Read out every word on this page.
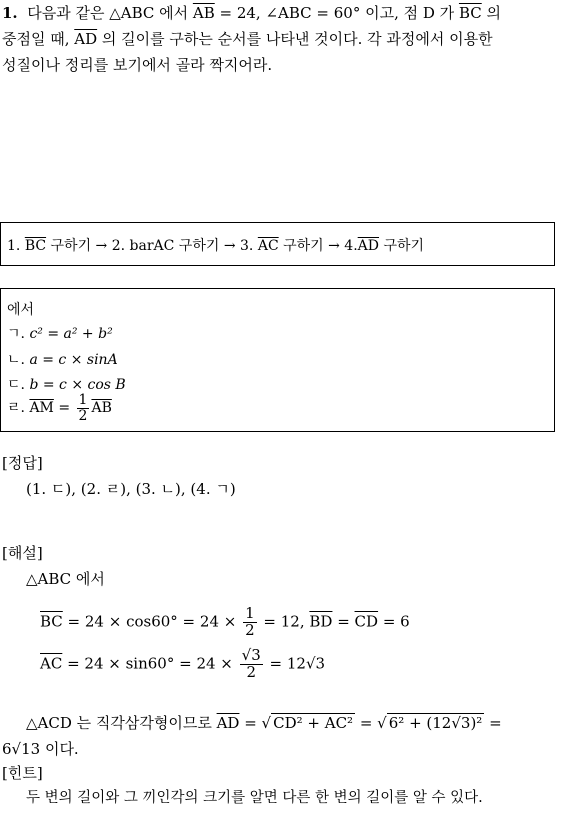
1. 다음과 같은 △ABC 에서 $\overline{AB} = 24$, ∠ABC = 60° 이고, 점 D 가 $\overline{BC}$ 의
중점일 때, $\overline{AD}$ 의 길이를 구하는 순서를 나타낸 것이다. 각 과정에서 이용한
성질이나 정리를 보기에서 골라 짝지어라.
1. $\overline{BC}$ 구하기 → 2. barAC 구하기 → 3. $\overline{AC}$ 구하기 → $4.\overline{AD}$ 구하기
에서
ㄱ. c² = a² + b²
ㄴ. a = c × sinA
ㄷ. b = c × cos B
ㄹ. $\overline{AM} = \frac{1}{2} \overline{AB}$
[정답]
(1. ㄷ), (2. ㄹ), (3. ㄴ), (4. ㄱ)
[해설]
△ABC 에서
$\overline{BC} = 24 \times \cos 60^\circ = 24 \times \frac{1}{2} = 12$, $\overline{BD} = \overline{CD} = 6$
$\overline{AC} = 24 \times \sin 60^\circ = 24 \times \frac{√3}{2} = 12√3$
△ACD 는 직각삼각형이므로 $\overline{AD}$ = √ CD² + AC² = √ 6² + (12√3)² =
6√13 이다.
[힌트]
두 변의 길이와 그 끼인각의 크기를 알면 다른 한 변의 길이를 알 수 있다.
